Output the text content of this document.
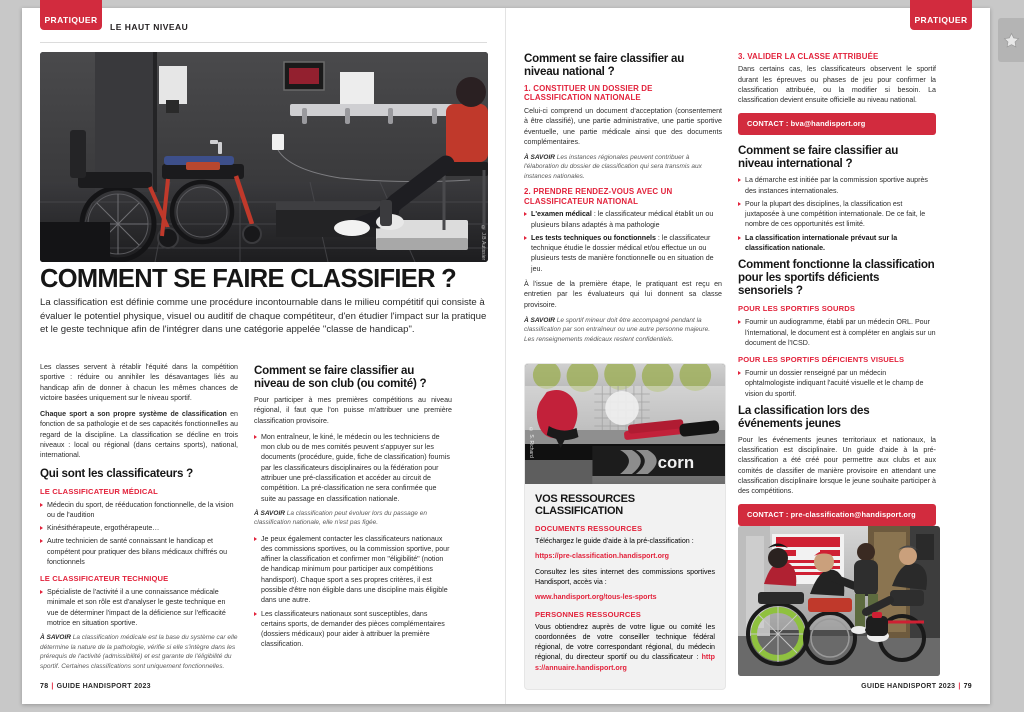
PRATIQUER
LE HAUT NIVEAU
© J.B.Autissier
COMMENT SE FAIRE CLASSIFIER ?
La classification est définie comme une procédure incontournable dans le milieu compétitif qui consiste à évaluer le potentiel physique, visuel ou auditif de chaque compétiteur, d'en étudier l'impact sur la pratique et le geste technique afin de l'intégrer dans une catégorie appelée "classe de handicap".

Les classes servent à rétablir l'équité dans la compétition sportive : réduire ou annihiler les désavantages liés au handicap afin de donner à chacun les mêmes chances de victoire basées uniquement sur le niveau sportif.

Chaque sport a son propre système de classification en fonction de sa pathologie et de ses capacités fonctionnelles au regard de la discipline. La classification se décline en trois niveaux : local ou régional (dans certains sports), national, international.

Qui sont les classificateurs ?
LE CLASSIFICATEUR MÉDICAL
Médecin du sport, de rééducation fonctionnelle, de la vision ou de l'audition
Kinésithérapeute, ergothérapeute…
Autre technicien de santé connaissant le handicap et compétent pour pratiquer des bilans médicaux chiffrés ou fonctionnels
LE CLASSIFICATEUR TECHNIQUE
Spécialiste de l'activité il a une connaissance médicale minimale et son rôle est d'analyser le geste technique en vue de déterminer l'impact de la déficience sur l'efficacité motrice en situation sportive.
À SAVOIR La classification médicale est la base du système car elle détermine la nature de la pathologie, vérifie si elle s'intègre dans les prérequis de l'activité (admissibilité) et est garante de l'éligibilité du sportif. Certaines classifications sont uniquement fonctionnelles.
Comment se faire classifier au niveau de son club (ou comité) ?

Pour participer à mes premières compétitions au niveau régional, il faut que l'on puisse m'attribuer une première classification provisoire.

Mon entraîneur, le kiné, le médecin ou les techniciens de mon club ou de mes comités peuvent s'appuyer sur les documents (procédure, guide, fiche de classification) fournis par les classificateurs disciplinaires ou la fédération pour attribuer une pré-classification et accéder au circuit de compétition. La pré-classification ne sera confirmée que suite au passage en classification nationale.
À SAVOIR La classification peut évoluer lors du passage en classification nationale, elle n'est pas figée.
Je peux également contacter les classificateurs nationaux des commissions sportives, ou la commission sportive, pour affiner la classification et confirmer mon "éligibilité" (notion de handicap minimum pour participer aux compétitions handisport). Chaque sport a ses propres critères, il est possible d'être non éligible dans une discipline mais éligible dans une autre.
Les classificateurs nationaux sont susceptibles, dans certains sports, de demander des pièces complémentaires (dossiers médicaux) pour aider à attribuer la première classification.
78 | GUIDE HANDISPORT 2023
PRATIQUER
Comment se faire classifier au niveau national ?
1. CONSTITUER UN DOSSIER DE CLASSIFICATION NATIONALE

Celui-ci comprend un document d'acceptation (consentement à être classifié), une partie administrative, une partie sportive éventuelle, une partie médicale ainsi que des documents complémentaires.

À SAVOIR Les instances régionales peuvent contribuer à l'élaboration du dossier de classification qui sera transmis aux instances nationales.
2. PRENDRE RENDEZ-VOUS AVEC UN CLASSIFICATEUR NATIONAL
L'examen médical : le classificateur médical établit un ou plusieurs bilans adaptés à ma pathologie
Les tests techniques ou fonctionnels : le classificateur technique étudie le dossier médical et/ou effectue un ou plusieurs tests de manière fonctionnelle ou en situation de jeu.

À l'issue de la première étape, le pratiquant est reçu en entretien par les évaluateurs qui lui donnent sa classe provisoire.

À SAVOIR Le sportif mineur doit être accompagné pendant la classification par son entraîneur ou une autre personne majeure. Les renseignements médicaux restent confidentiels.
corn
© S. Richard
VOS RESSOURCES CLASSIFICATION
DOCUMENTS RESSOURCES

Téléchargez le guide d'aide à la pré-classification :

https://pre-classification.handisport.org

Consultez les sites internet des commissions sportives Handisport, accès via :

www.handisport.org/tous-les-sports

PERSONNES RESSOURCES

Vous obtiendrez auprès de votre ligue ou comité les coordonnées de votre conseiller technique fédéral régional, de votre correspondant régional, du médecin régional, du directeur sportif ou du classificateur : https://annuaire.handisport.org

3. VALIDER LA CLASSE ATTRIBUÉE

Dans certains cas, les classificateurs observent le sportif durant les épreuves ou phases de jeu pour confirmer la classification attribuée, ou la modifier si besoin. La classification devient ensuite officielle au niveau national.

CONTACT : bva@handisport.org
Comment se faire classifier au niveau international ?
La démarche est initiée par la commission sportive auprès des instances internationales.
Pour la plupart des disciplines, la classification est juxtaposée à une compétition internationale. De ce fait, le nombre de ces opportunités est limité.
La classification internationale prévaut sur la classification nationale.
Comment fonctionne la classification pour les sportifs déficients sensoriels ?
POUR LES SPORTIFS SOURDS
Fournir un audiogramme, établi par un médecin ORL. Pour l'international, le document est à compléter en anglais sur un document de l'ICSD.
POUR LES SPORTIFS DÉFICIENTS VISUELS
Fournir un dossier renseigné par un médecin ophtalmologiste indiquant l'acuité visuelle et le champ de vision du sportif.
La classification lors des événements jeunes

Pour les événements jeunes territoriaux et nationaux, la classification est disciplinaire. Un guide d'aide à la pré-classification a été créé pour permettre aux clubs et aux comités de classifier de manière provisoire en attendant une classification disciplinaire lorsque le jeune souhaite participer à des compétitions.

CONTACT : pre-classification@handisport.org
GUIDE HANDISPORT 2023 | 79
